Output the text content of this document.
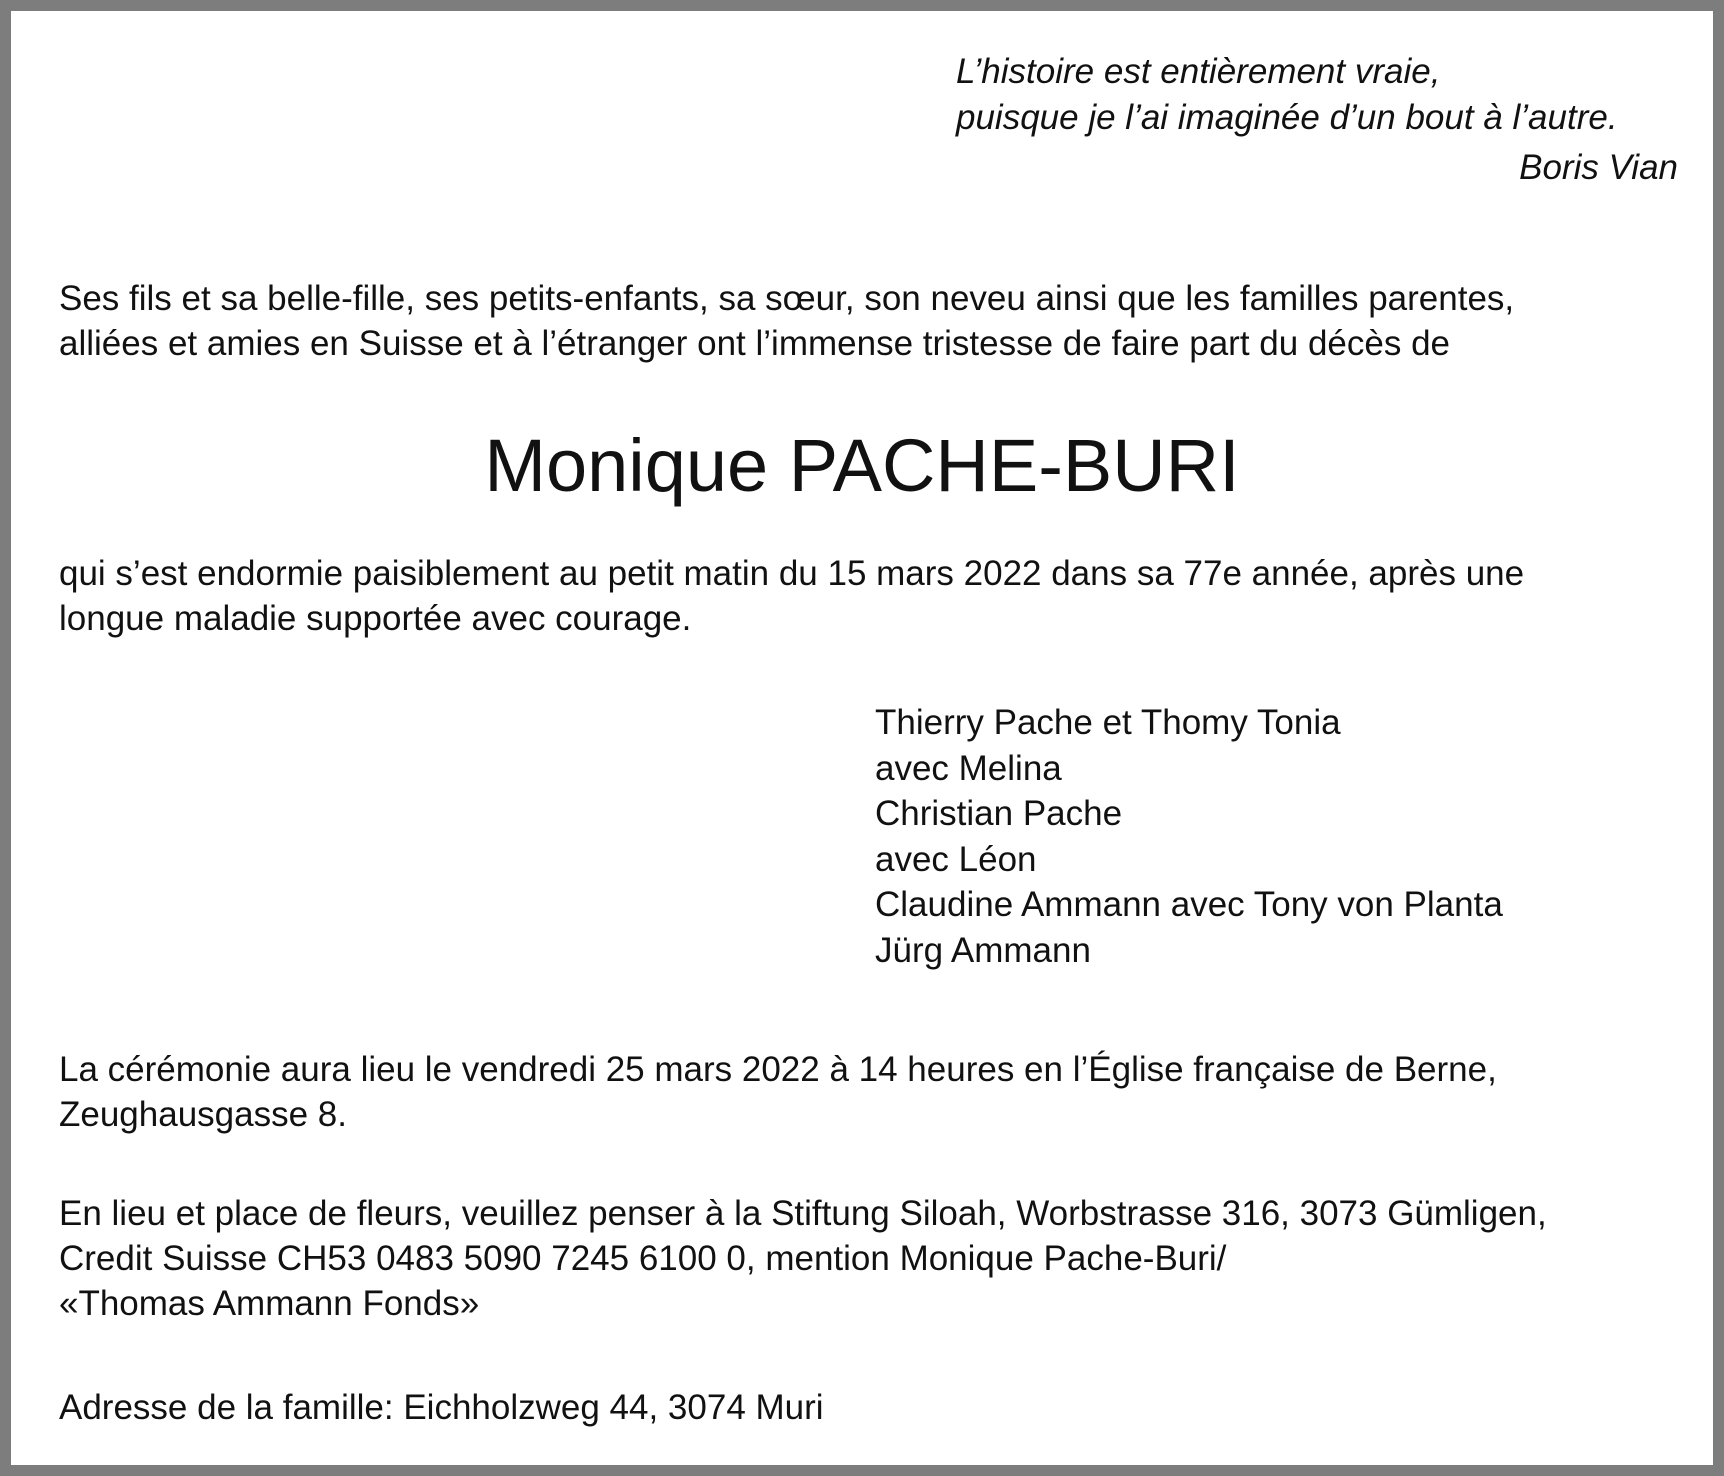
L’histoire est entièrement vraie,
puisque je l’ai imaginée d’un bout à l’autre.
Boris Vian
Ses fils et sa belle-fille, ses petits-enfants, sa sœur, son neveu ainsi que les familles parentes,
alliées et amies en Suisse et à l’étranger ont l’immense tristesse de faire part du décès de
Monique PACHE-BURI
qui s’est endormie paisiblement au petit matin du 15 mars 2022 dans sa 77e année, après une
longue maladie supportée avec courage.
Thierry Pache et Thomy Tonia
avec Melina
Christian Pache
avec Léon
Claudine Ammann avec Tony von Planta
Jürg Ammann
La cérémonie aura lieu le vendredi 25 mars 2022 à 14 heures en l’Église française de Berne,
Zeughausgasse 8.
En lieu et place de fleurs, veuillez penser à la Stiftung Siloah, Worbstrasse 316, 3073 Gümligen,
Credit Suisse CH53 0483 5090 7245 6100 0, mention Monique Pache-Buri/
«Thomas Ammann Fonds»
Adresse de la famille: Eichholzweg 44, 3074 Muri
